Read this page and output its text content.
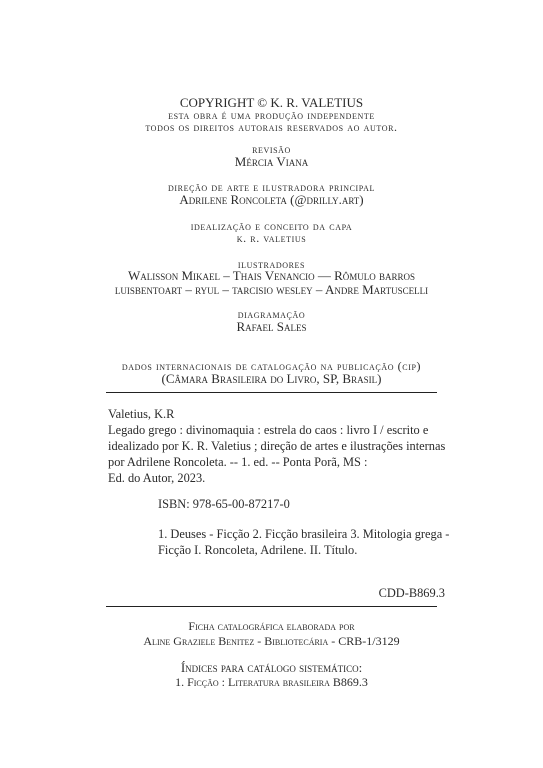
COPYRIGHT © K. R. VALETIUS
esta obra é uma produção independente
todos os direitos autorais reservados ao autor.
revisão
Mércia Viana
direção de arte e ilustradora principal
Adrilene Roncoleta (@drilly.art)
idealização e conceito da capa
k. r. valetius
ilustradores
Walisson Mikael – Thais Venancio — Rômulo barros
luisbentoart – ryul – tarcisio wesley – Andre Martuscelli
diagramação
Rafael Sales
dados internacionais de catalogação na publicação (cip)
(Câmara Brasileira do Livro, SP, Brasil)
Valetius, K.R
Legado grego : divinomaquia : estrela do caos : livro I / escrito e
idealizado por K. R. Valetius ; direção de artes e ilustrações internas
por Adrilene Roncoleta. -- 1. ed. -- Ponta Porã, MS :
Ed. do Autor, 2023.
ISBN: 978-65-00-87217-0
1. Deuses - Ficção 2. Ficção brasileira 3. Mitologia grega -
Ficção I. Roncoleta, Adrilene. II. Título.
CDD-B869.3
Ficha catalográfica elaborada por
Aline Graziele Benitez - Bibliotecária - CRB-1/3129
Índices para catálogo sistemático:
1. Ficção : Literatura brasileira B869.3
